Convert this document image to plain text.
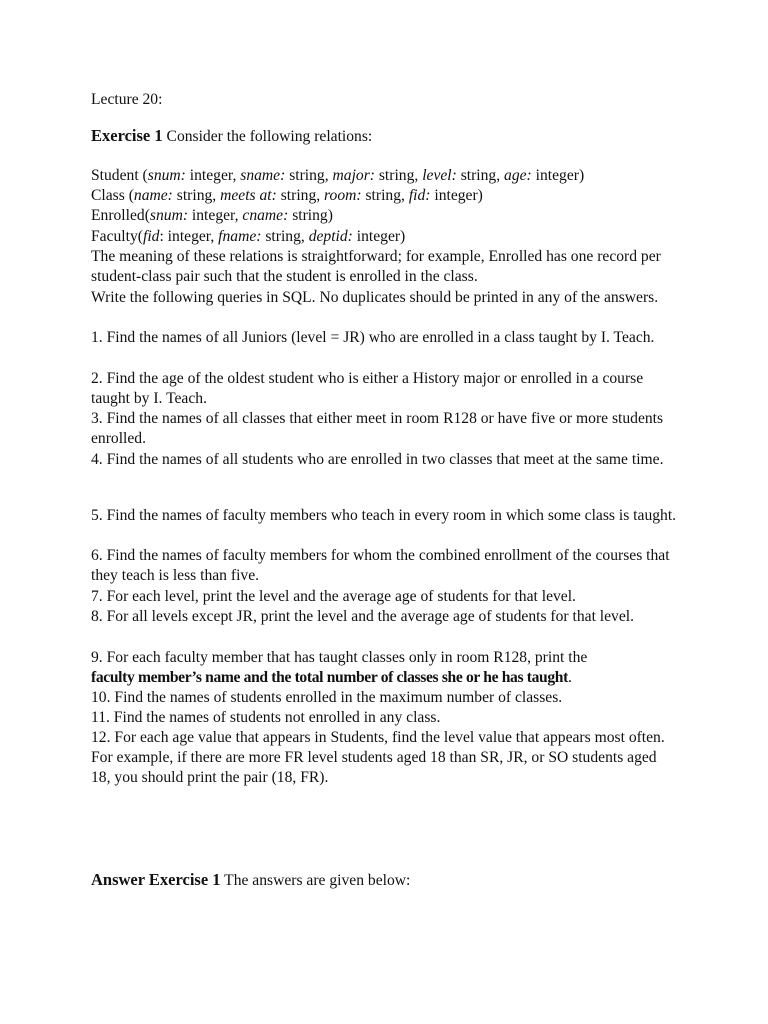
Lecture 20:
Exercise 1 Consider the following relations:
Student (snum: integer, sname: string, major: string, level: string, age: integer)
Class (name: string, meets at: string, room: string, fid: integer)
Enrolled(snum: integer, cname: string)
Faculty(fid: integer, fname: string, deptid: integer)
The meaning of these relations is straightforward; for example, Enrolled has one record per student-class pair such that the student is enrolled in the class.
Write the following queries in SQL. No duplicates should be printed in any of the answers.
1. Find the names of all Juniors (level = JR) who are enrolled in a class taught by I. Teach.
2. Find the age of the oldest student who is either a History major or enrolled in a course taught by I. Teach.
3. Find the names of all classes that either meet in room R128 or have five or more students enrolled.
4. Find the names of all students who are enrolled in two classes that meet at the same time.
5. Find the names of faculty members who teach in every room in which some class is taught.
6. Find the names of faculty members for whom the combined enrollment of the courses that they teach is less than five.
7. For each level, print the level and the average age of students for that level.
8. For all levels except JR, print the level and the average age of students for that level.
9. For each faculty member that has taught classes only in room R128, print the
faculty member’s name and the total number of classes she or he has taught.
10. Find the names of students enrolled in the maximum number of classes.
11. Find the names of students not enrolled in any class.
12. For each age value that appears in Students, find the level value that appears most often. For example, if there are more FR level students aged 18 than SR, JR, or SO students aged 18, you should print the pair (18, FR).
Answer Exercise 1 The answers are given below:
